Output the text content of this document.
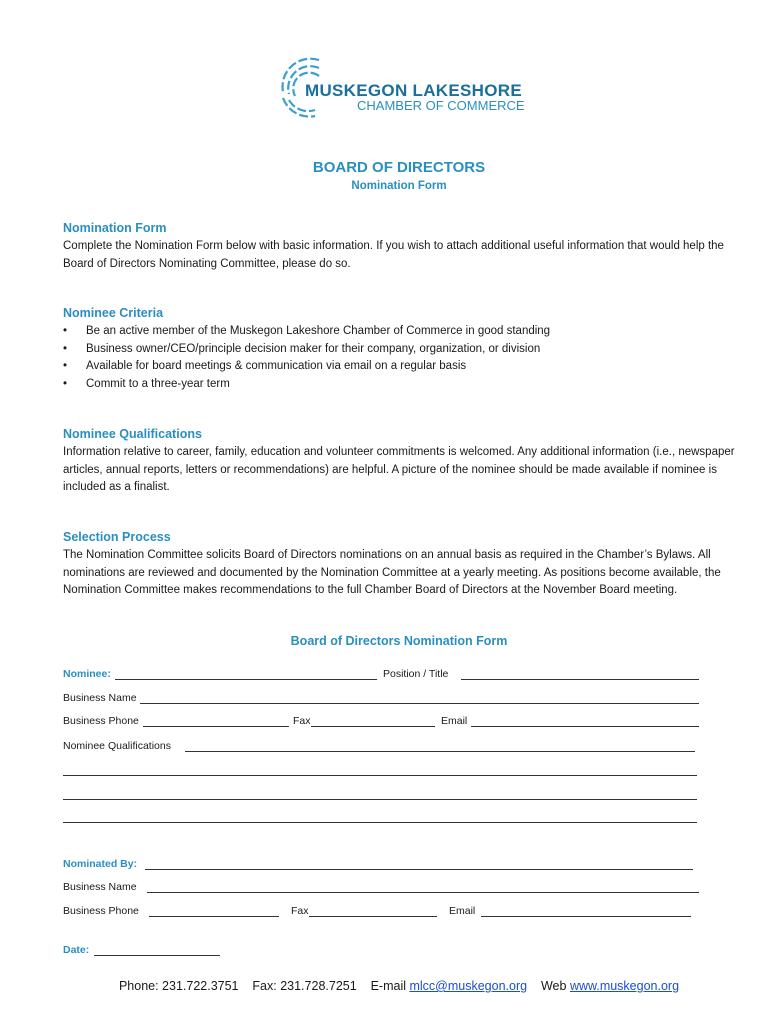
MUSKEGON LAKESHORE
CHAMBER OF COMMERCE
BOARD OF DIRECTORS
Nomination Form
Nomination Form
Complete the Nomination Form below with basic information. If you wish to attach additional useful information that would help the Board of Directors Nominating Committee, please do so.
Nominee Criteria
• Be an active member of the Muskegon Lakeshore Chamber of Commerce in good standing
• Business owner/CEO/principle decision maker for their company, organization, or division
• Available for board meetings & communication via email on a regular basis
• Commit to a three-year term
Nominee Qualifications
Information relative to career, family, education and volunteer commitments is welcomed. Any additional information (i.e., newspaper articles, annual reports, letters or recommendations) are helpful. A picture of the nominee should be made available if nominee is included as a finalist.
Selection Process
The Nomination Committee solicits Board of Directors nominations on an annual basis as required in the Chamber’s Bylaws. All nominations are reviewed and documented by the Nomination Committee at a yearly meeting. As positions become available, the Nomination Committee makes recommendations to the full Chamber Board of Directors at the November Board meeting.
Board of Directors Nomination Form
Nominee:	Position / Title
Business Name
Business Phone	Fax	Email
Nominee Qualifications
Nominated By:
Business Name
Business Phone	Fax	Email
Date:
Phone: 231.722.3751 Fax: 231.728.7251 E-mail mlcc@muskegon.org Web www.muskegon.org
